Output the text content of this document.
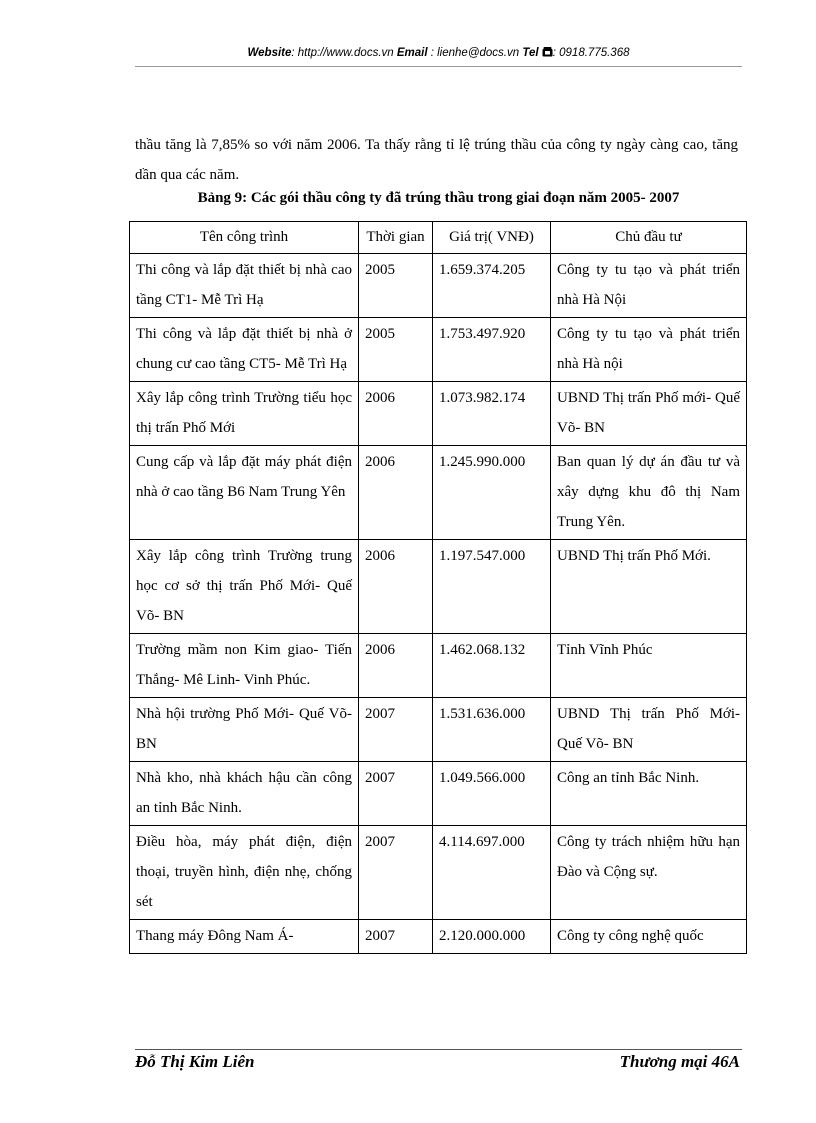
Website: http://www.docs.vn Email : lienhe@docs.vn Tel : 0918.775.368
thầu tăng là 7,85% so với năm 2006. Ta thấy rằng tỉ lệ trúng thầu của công ty ngày càng cao, tăng dần qua các năm.
Bảng 9: Các gói thầu công ty đã trúng thầu trong giai đoạn năm 2005- 2007
Tên công trình	Thời gian	Giá trị( VNĐ)	Chủ đầu tư
Thi công và lắp đặt thiết bị nhà cao tầng CT1- Mễ Trì Hạ	2005	1.659.374.205	Công ty tu tạo và phát triển nhà Hà Nội
Thi công và lắp đặt thiết bị nhà ở chung cư cao tầng CT5- Mễ Trì Hạ	2005	1.753.497.920	Công ty tu tạo và phát triển nhà Hà nội
Xây lắp công trình Trường tiểu học thị trấn Phố Mới	2006	1.073.982.174	UBND Thị trấn Phố mới- Quế Võ- BN
Cung cấp và lắp đặt máy phát điện nhà ở cao tầng B6 Nam Trung Yên	2006	1.245.990.000	Ban quan lý dự án đầu tư và xây dựng khu đô thị Nam Trung Yên.
Xây lắp công trình Trường trung học cơ sở thị trấn Phố Mới- Quế Võ- BN	2006	1.197.547.000	UBND Thị trấn Phố Mới.
Trường mầm non Kim giao- Tiến Thắng- Mê Linh- Vinh Phúc.	2006	1.462.068.132	Tỉnh Vĩnh Phúc
Nhà hội trường Phố Mới- Quế Võ- BN	2007	1.531.636.000	UBND Thị trấn Phố Mới- Quế Võ- BN
Nhà kho, nhà khách hậu cần công an tỉnh Bắc Ninh.	2007	1.049.566.000	Công an tỉnh Bắc Ninh.
Điều hòa, máy phát điện, điện thoại, truyền hình, điện nhẹ, chống sét	2007	4.114.697.000	Công ty trách nhiệm hữu hạn Đào và Cộng sự.
Thang máy Đông Nam Á-	2007	2.120.000.000	Công ty công nghệ quốc
Đỗ Thị Kim Liên	Thương mại 46A
